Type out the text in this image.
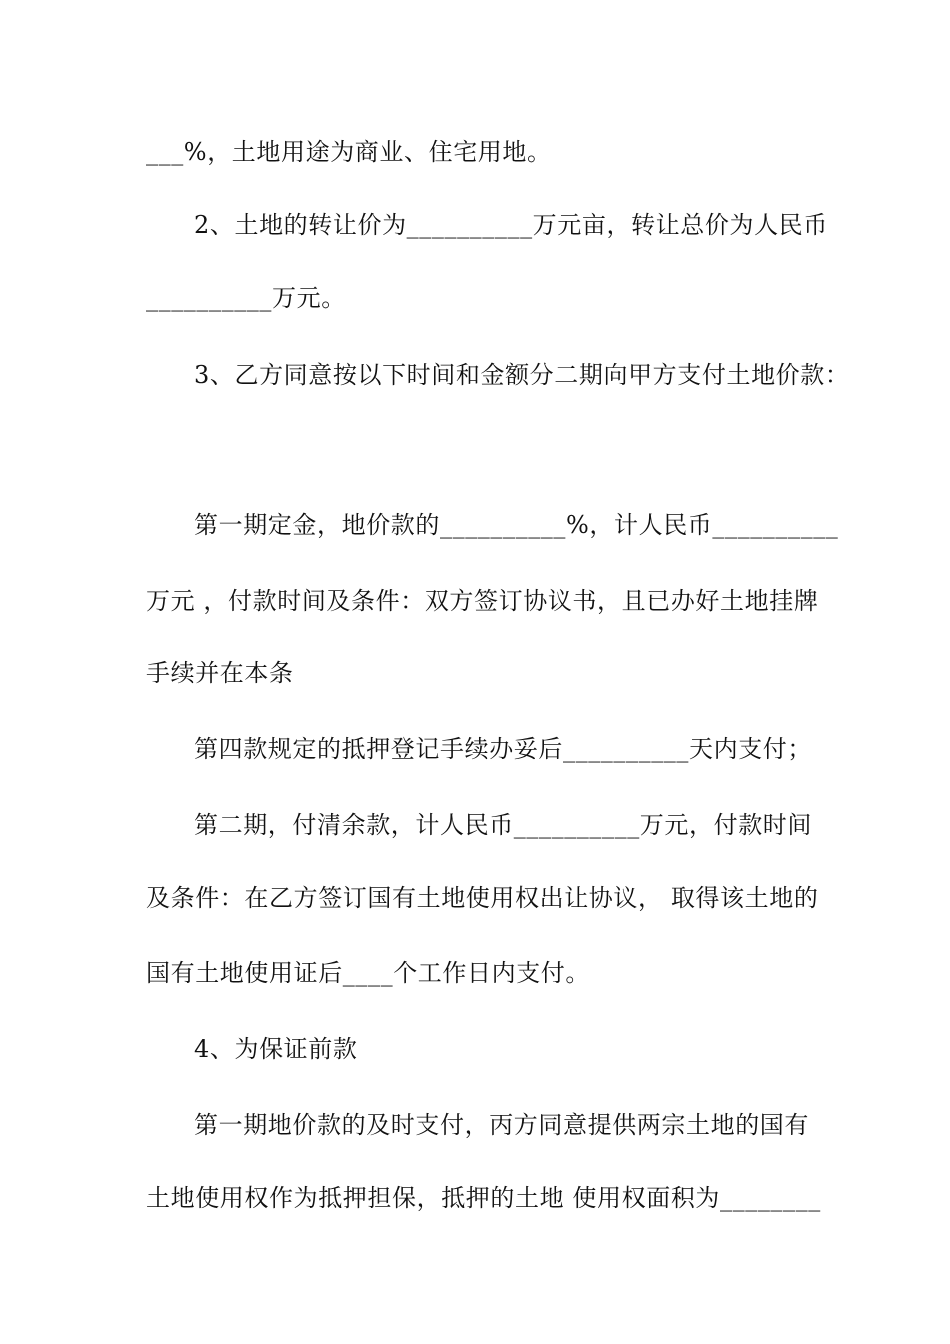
___%，土地用途为商业、住宅用地。
2、土地的转让价为__________万元亩，转让总价为人民币
__________万元。
3、乙方同意按以下时间和金额分二期向甲方支付土地价款：
第一期定金，地价款的__________%，计人民币__________
万元 ，付款时间及条件：双方签订协议书，且已办好土地挂牌
手续并在本条
第四款规定的抵押登记手续办妥后__________天内支付；
第二期，付清余款，计人民币__________万元，付款时间
及条件：在乙方签订国有土地使用权出让协议， 取得该土地的
国有土地使用证后____个工作日内支付。
4、为保证前款
第一期地价款的及时支付，丙方同意提供两宗土地的国有
土地使用权作为抵押担保，抵押的土地 使用权面积为________
